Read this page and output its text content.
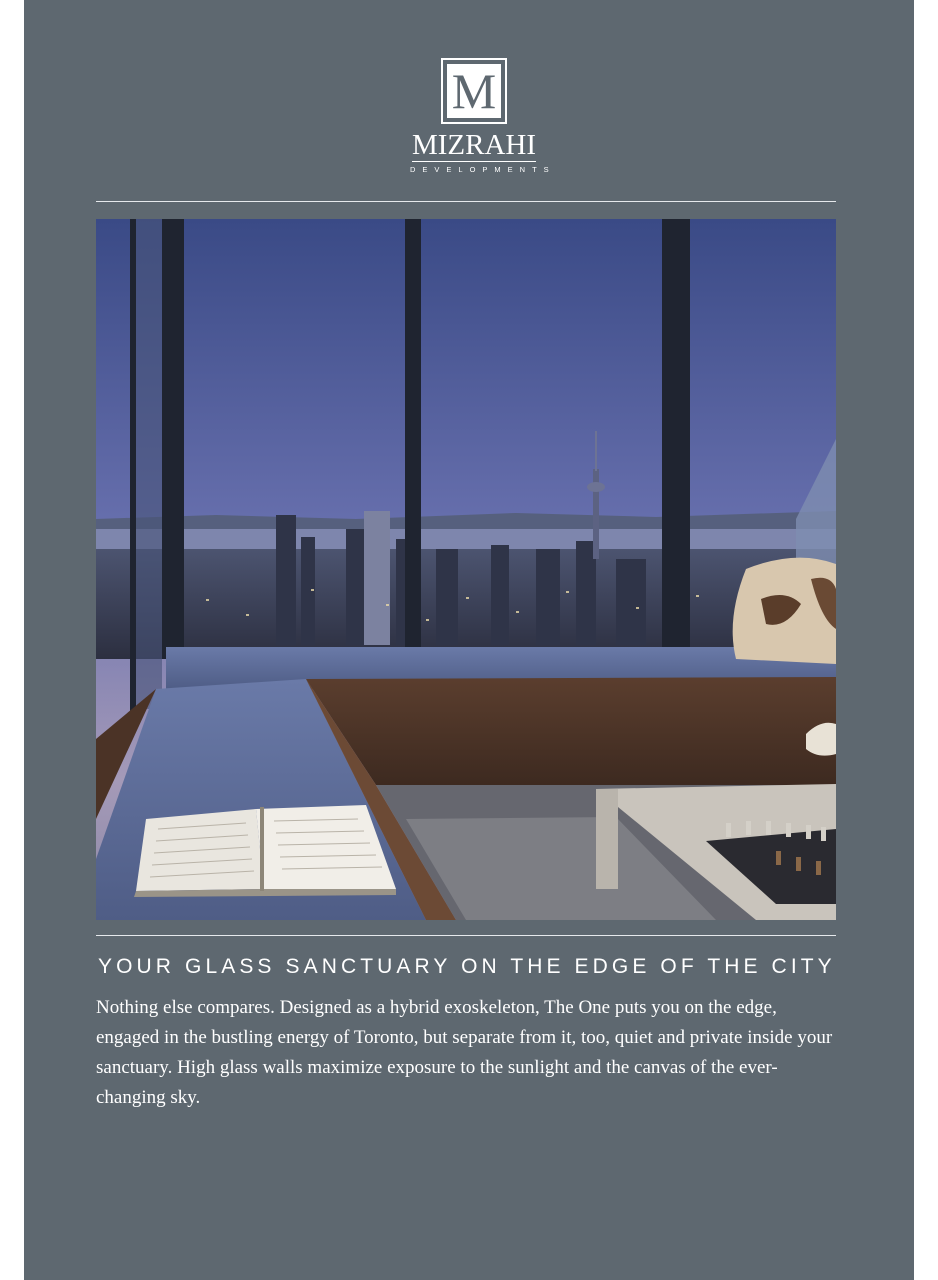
M
MIZRAHI
DEVELOPMENTS
YOUR GLASS SANCTUARY ON THE EDGE OF THE CITY

Nothing else compares. Designed as a hybrid exoskeleton, The One puts you on the edge, engaged in the bustling energy of Toronto, but separate from it, too, quiet and private inside your sanctuary. High glass walls maximize exposure to the sunlight and the canvas of the ever-changing sky.
